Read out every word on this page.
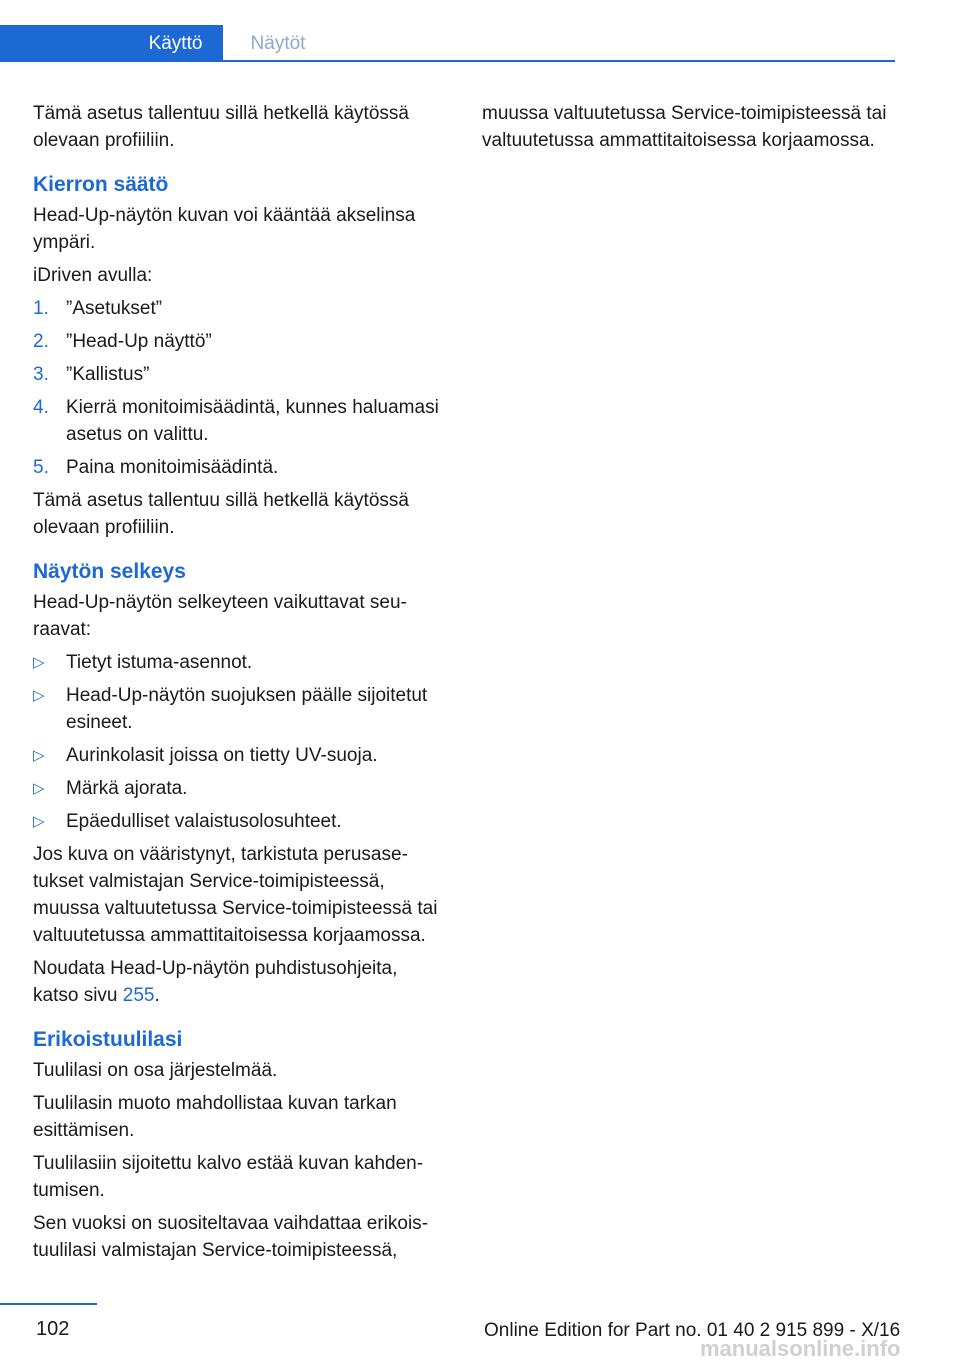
Käyttö	Näytöt

Tämä asetus tallentuu sillä hetkellä käytössä olevaan profiiliin.

Kierron säätö

Head-Up-näytön kuvan voi kääntää akselinsa ympäri.

iDriven avulla:

1. ”Asetukset”
2. ”Head-Up näyttö”
3. ”Kallistus”
4. Kierrä monitoimisäädintä, kunnes haluamasi asetus on valittu.
5. Paina monitoimisäädintä.

Tämä asetus tallentuu sillä hetkellä käytössä olevaan profiiliin.

Näytön selkeys

Head-Up-näytön selkeyteen vaikuttavat seuraavat:

▷ Tietyt istuma-asennot.
▷ Head-Up-näytön suojuksen päälle sijoitetut esineet.
▷ Aurinkolasit joissa on tietty UV-suoja.
▷ Märkä ajorata.
▷ Epäedulliset valaistusolosuhteet.

Jos kuva on vääristynyt, tarkistuta perusasetukset valmistajan Service-toimipisteessä, muussa valtuutetussa Service-toimipisteessä tai valtuutetussa ammattitaitoisessa korjaamossa.

Noudata Head-Up-näytön puhdistusohjeita, katso sivu 255.

Erikoistuulilasi

Tuulilasi on osa järjestelmää.

Tuulilasin muoto mahdollistaa kuvan tarkan esittämisen.

Tuulilasiin sijoitettu kalvo estää kuvan kahdentumisen.

Sen vuoksi on suositeltavaa vaihdattaa erikoistuulilasi valmistajan Service-toimipisteessä,

muussa valtuutetussa Service-toimipisteessä tai valtuutetussa ammattitaitoisessa korjaamossa.

102
manualsonline.info
Online Edition for Part no. 01 40 2 915 899 - X/16
